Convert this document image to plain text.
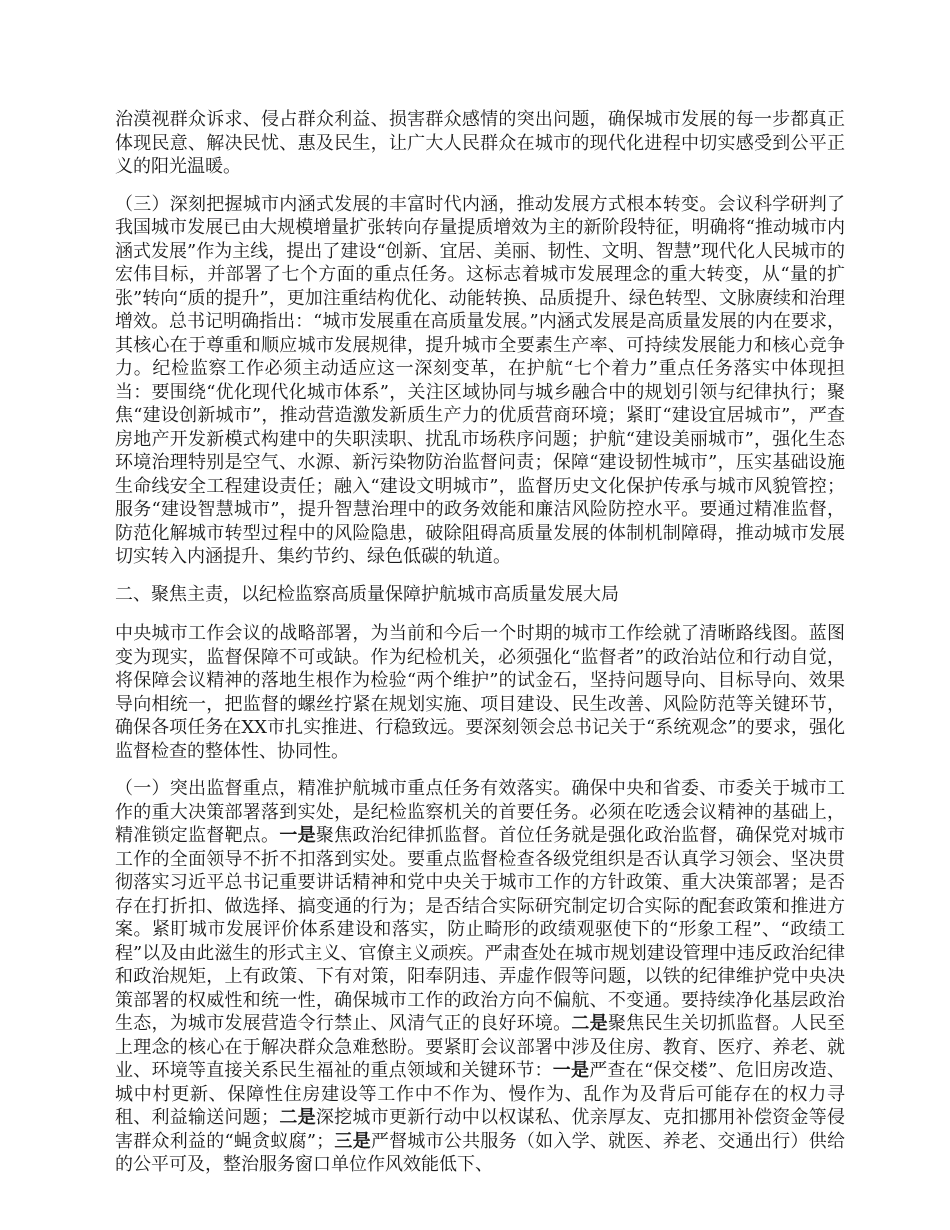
治漠视群众诉求、侵占群众利益、损害群众感情的突出问题，确保城市发展的每一步都真正体现民意、解决民忧、惠及民生，让广大人民群众在城市的现代化进程中切实感受到公平正义的阳光温暖。

（三）深刻把握城市内涵式发展的丰富时代内涵，推动发展方式根本转变。会议科学研判了我国城市发展已由大规模增量扩张转向存量提质增效为主的新阶段特征，明确将“推动城市内涵式发展”作为主线，提出了建设“创新、宜居、美丽、韧性、文明、智慧”现代化人民城市的宏伟目标，并部署了七个方面的重点任务。这标志着城市发展理念的重大转变，从“量的扩张”转向“质的提升”，更加注重结构优化、动能转换、品质提升、绿色转型、文脉赓续和治理增效。总书记明确指出：“城市发展重在高质量发展。”内涵式发展是高质量发展的内在要求，其核心在于尊重和顺应城市发展规律，提升城市全要素生产率、可持续发展能力和核心竞争力。纪检监察工作必须主动适应这一深刻变革，在护航“七个着力”重点任务落实中体现担当：要围绕“优化现代化城市体系”，关注区域协同与城乡融合中的规划引领与纪律执行；聚焦“建设创新城市”，推动营造激发新质生产力的优质营商环境；紧盯“建设宜居城市”，严查房地产开发新模式构建中的失职渎职、扰乱市场秩序问题；护航“建设美丽城市”，强化生态环境治理特别是空气、水源、新污染物防治监督问责；保障“建设韧性城市”，压实基础设施生命线安全工程建设责任；融入“建设文明城市”，监督历史文化保护传承与城市风貌管控；服务“建设智慧城市”，提升智慧治理中的政务效能和廉洁风险防控水平。要通过精准监督，防范化解城市转型过程中的风险隐患，破除阻碍高质量发展的体制机制障碍，推动城市发展切实转入内涵提升、集约节约、绿色低碳的轨道。

二、聚焦主责，以纪检监察高质量保障护航城市高质量发展大局

中央城市工作会议的战略部署，为当前和今后一个时期的城市工作绘就了清晰路线图。蓝图变为现实，监督保障不可或缺。作为纪检机关，必须强化“监督者”的政治站位和行动自觉，将保障会议精神的落地生根作为检验“两个维护”的试金石，坚持问题导向、目标导向、效果导向相统一，把监督的螺丝拧紧在规划实施、项目建设、民生改善、风险防范等关键环节，确保各项任务在XX市扎实推进、行稳致远。要深刻领会总书记关于“系统观念”的要求，强化监督检查的整体性、协同性。

（一）突出监督重点，精准护航城市重点任务有效落实。确保中央和省委、市委关于城市工作的重大决策部署落到实处，是纪检监察机关的首要任务。必须在吃透会议精神的基础上，精准锁定监督靶点。一是聚焦政治纪律抓监督。首位任务就是强化政治监督，确保党对城市工作的全面领导不折不扣落到实处。要重点监督检查各级党组织是否认真学习领会、坚决贯彻落实习近平总书记重要讲话精神和党中央关于城市工作的方针政策、重大决策部署；是否存在打折扣、做选择、搞变通的行为；是否结合实际研究制定切合实际的配套政策和推进方案。紧盯城市发展评价体系建设和落实，防止畸形的政绩观驱使下的“形象工程”、“政绩工程”以及由此滋生的形式主义、官僚主义顽疾。严肃查处在城市规划建设管理中违反政治纪律和政治规矩，上有政策、下有对策，阳奉阴违、弄虚作假等问题，以铁的纪律维护党中央决策部署的权威性和统一性，确保城市工作的政治方向不偏航、不变通。要持续净化基层政治生态，为城市发展营造令行禁止、风清气正的良好环境。二是聚焦民生关切抓监督。人民至上理念的核心在于解决群众急难愁盼。要紧盯会议部署中涉及住房、教育、医疗、养老、就业、环境等直接关系民生福祉的重点领域和关键环节：一是严查在“保交楼”、危旧房改造、城中村更新、保障性住房建设等工作中不作为、慢作为、乱作为及背后可能存在的权力寻租、利益输送问题；二是深挖城市更新行动中以权谋私、优亲厚友、克扣挪用补偿资金等侵害群众利益的“蝇贪蚁腐”；三是严督城市公共服务（如入学、就医、养老、交通出行）供给的公平可及，整治服务窗口单位作风效能低下、
